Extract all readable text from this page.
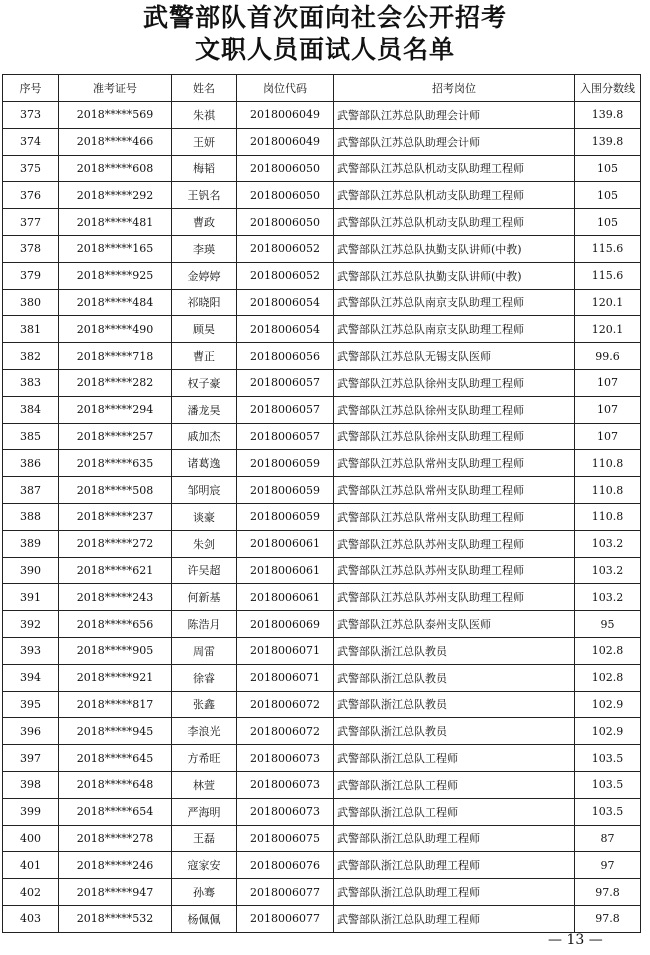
武警部队首次面向社会公开招考
文职人员面试人员名单
序号	准考证号	姓名	岗位代码	招考岗位	入围分数线
373	2018*****569	朱祺	2018006049	武警部队江苏总队助理会计师	139.8
374	2018*****466	王妍	2018006049	武警部队江苏总队助理会计师	139.8
375	2018*****608	梅韬	2018006050	武警部队江苏总队机动支队助理工程师	105
376	2018*****292	王钒名	2018006050	武警部队江苏总队机动支队助理工程师	105
377	2018*****481	曹政	2018006050	武警部队江苏总队机动支队助理工程师	105
378	2018*****165	李瑛	2018006052	武警部队江苏总队执勤支队讲师(中教)	115.6
379	2018*****925	金婷婷	2018006052	武警部队江苏总队执勤支队讲师(中教)	115.6
380	2018*****484	祁晓阳	2018006054	武警部队江苏总队南京支队助理工程师	120.1
381	2018*****490	顾昊	2018006054	武警部队江苏总队南京支队助理工程师	120.1
382	2018*****718	曹正	2018006056	武警部队江苏总队无锡支队医师	99.6
383	2018*****282	权子豪	2018006057	武警部队江苏总队徐州支队助理工程师	107
384	2018*****294	潘龙昊	2018006057	武警部队江苏总队徐州支队助理工程师	107
385	2018*****257	戚加杰	2018006057	武警部队江苏总队徐州支队助理工程师	107
386	2018*****635	诸葛逸	2018006059	武警部队江苏总队常州支队助理工程师	110.8
387	2018*****508	邹明宸	2018006059	武警部队江苏总队常州支队助理工程师	110.8
388	2018*****237	谈豪	2018006059	武警部队江苏总队常州支队助理工程师	110.8
389	2018*****272	朱剑	2018006061	武警部队江苏总队苏州支队助理工程师	103.2
390	2018*****621	许吴超	2018006061	武警部队江苏总队苏州支队助理工程师	103.2
391	2018*****243	何新基	2018006061	武警部队江苏总队苏州支队助理工程师	103.2
392	2018*****656	陈浩月	2018006069	武警部队江苏总队泰州支队医师	95
393	2018*****905	周雷	2018006071	武警部队浙江总队教员	102.8
394	2018*****921	徐睿	2018006071	武警部队浙江总队教员	102.8
395	2018*****817	张鑫	2018006072	武警部队浙江总队教员	102.9
396	2018*****945	李浪光	2018006072	武警部队浙江总队教员	102.9
397	2018*****645	方希旺	2018006073	武警部队浙江总队工程师	103.5
398	2018*****648	林萱	2018006073	武警部队浙江总队工程师	103.5
399	2018*****654	严海明	2018006073	武警部队浙江总队工程师	103.5
400	2018*****278	王磊	2018006075	武警部队浙江总队助理工程师	87
401	2018*****246	寇家安	2018006076	武警部队浙江总队助理工程师	97
402	2018*****947	孙骞	2018006077	武警部队浙江总队助理工程师	97.8
403	2018*****532	杨佩佩	2018006077	武警部队浙江总队助理工程师	97.8
— 13 —
